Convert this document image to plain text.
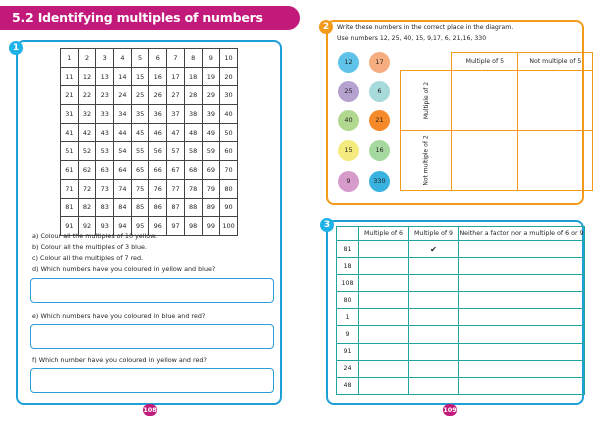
5.2 Identifying multiples of numbers
1
1	2	3	4	5	6	7	8	9	10
11	12	13	14	15	16	17	18	19	20
21	22	23	24	25	26	27	28	29	30
31	32	33	34	35	36	37	38	39	40
41	42	43	44	45	46	47	48	49	50
51	52	53	54	55	56	57	58	59	60
61	62	63	64	65	66	67	68	69	70
71	72	73	74	75	76	77	78	79	80
81	82	83	84	85	86	87	88	89	90
91	92	93	94	95	96	97	98	99	100
a) Colour all the multiples of 10 yellow.
b) Colour all the multiples of 3 blue.
c) Colour all the multiples of 7 red.
d) Which numbers have you coloured in yellow and blue?
e) Which numbers have you coloured in blue and red?
f) Which number have you coloured in yellow and red?
108
2	Write these numbers in the correct place in the diagram.
Use numbers 12, 25, 40, 15, 9,17, 6, 21,16, 330
12	17
25	6
40	21
15	16
9	330
	Multiple of 5	Not multiple of 5
Multiple of 2		
Not multiple of 2		
3
	Multiple of 6	Multiple of 9	Neither a factor nor a multiple of 6 or 9
81		✔	
18			
108			
80			
1			
9			
91			
24			
48			
109
